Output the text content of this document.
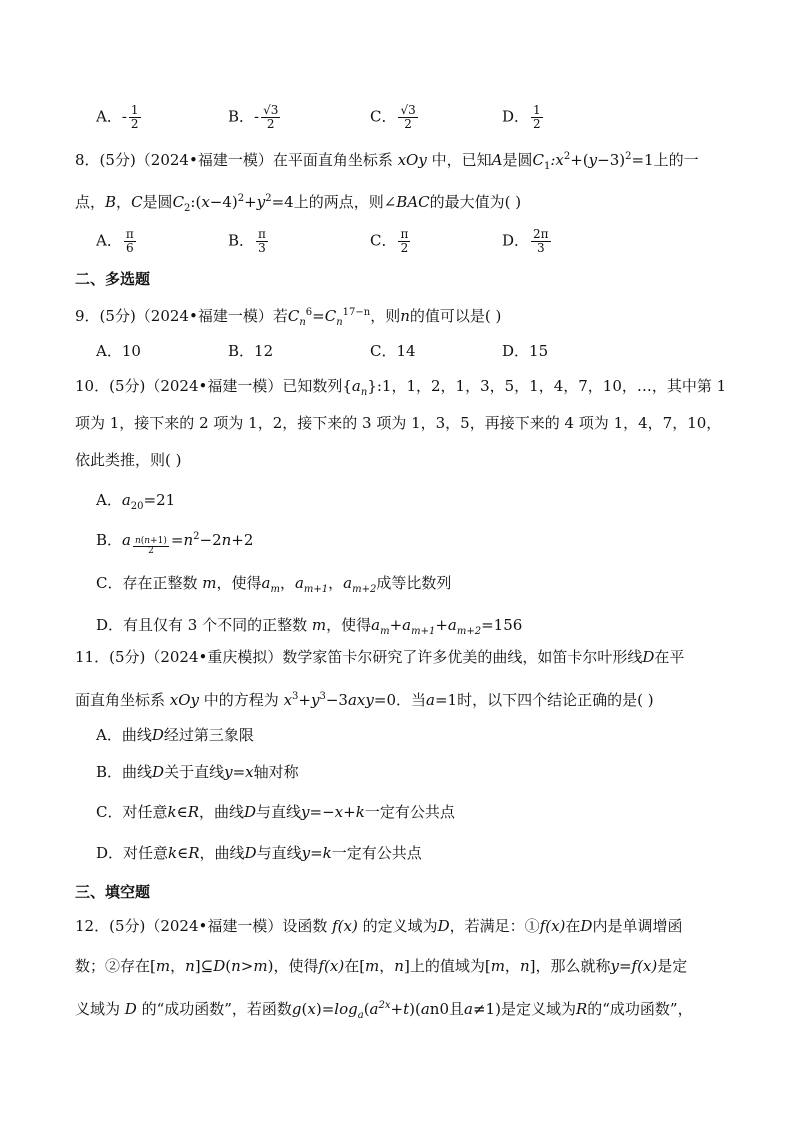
A．- $\frac{1}{2}$	B．- $\frac{√3}{2}$	C． $\frac{√3}{2}$	D． $\frac{1}{2}$
8．(5分)（2024•福建一模）在平面直角坐标系 xOy 中，已知A是圆$C_1:x^2+(y-3)^2=1$上的一
点，B，C是圆$C_2:(x-4)^2+y^2=4$上的两点，则∠BAC的最大值为( )
A． $\frac{\pi}{6}$	B． $\frac{\pi}{3}$	C． $\frac{\pi}{2}$	D． $\frac{2\pi}{3}$
二、多选题
9．(5分)（2024•福建一模）若$C_n^6=C_n^{17-n}$，则n的值可以是( )
A．10	B．12	C．14	D．15
10．(5分)（2024•福建一模）已知数列$\{a_n\}:1$，1，2，1，3，5，1，4，7，10，…，其中第 1
项为 1，接下来的 2 项为 1，2，接下来的 3 项为 1，3，5，再接下来的 4 项为 1，4，7，10，
依此类推，则( )
A．$a_{20}=21$
B．a $_{\frac{n(n+1)}{2}} =n^2-2n+2$
C．存在正整数 m，使得$a_m$，$a_{m+1}$，$a_{m+2}$成等比数列
D．有且仅有 3 个不同的正整数 m，使得$a_m+a_{m+1}+a_{m+2}=156$
11．(5分)（2024•重庆模拟）数学家笛卡尔研究了许多优美的曲线，如笛卡尔叶形线D在平
面直角坐标系 xOy 中的方程为 $x^3+y^3-3axy=0$．当a=1时，以下四个结论正确的是( )
A．曲线D经过第三象限
B．曲线D关于直线y=x轴对称
C．对任意k∈R，曲线D与直线y=−x+k一定有公共点
D．对任意k∈R，曲线D与直线y=k一定有公共点
三、填空题
12．(5分)（2024•福建一模）设函数 f(x) 的定义域为D，若满足：①f(x)在D内是单调增函
数；②存在[m，n]⊆D(n>m)，使得f(x)在[m，n]上的值域为[m，n]，那么就称y=f(x)是定
义域为 D 的“成功函数”，若函数$g(x)=\log_a(a^{2x}+t)(an0$且a≠1)是定义域为R的“成功函数”，
